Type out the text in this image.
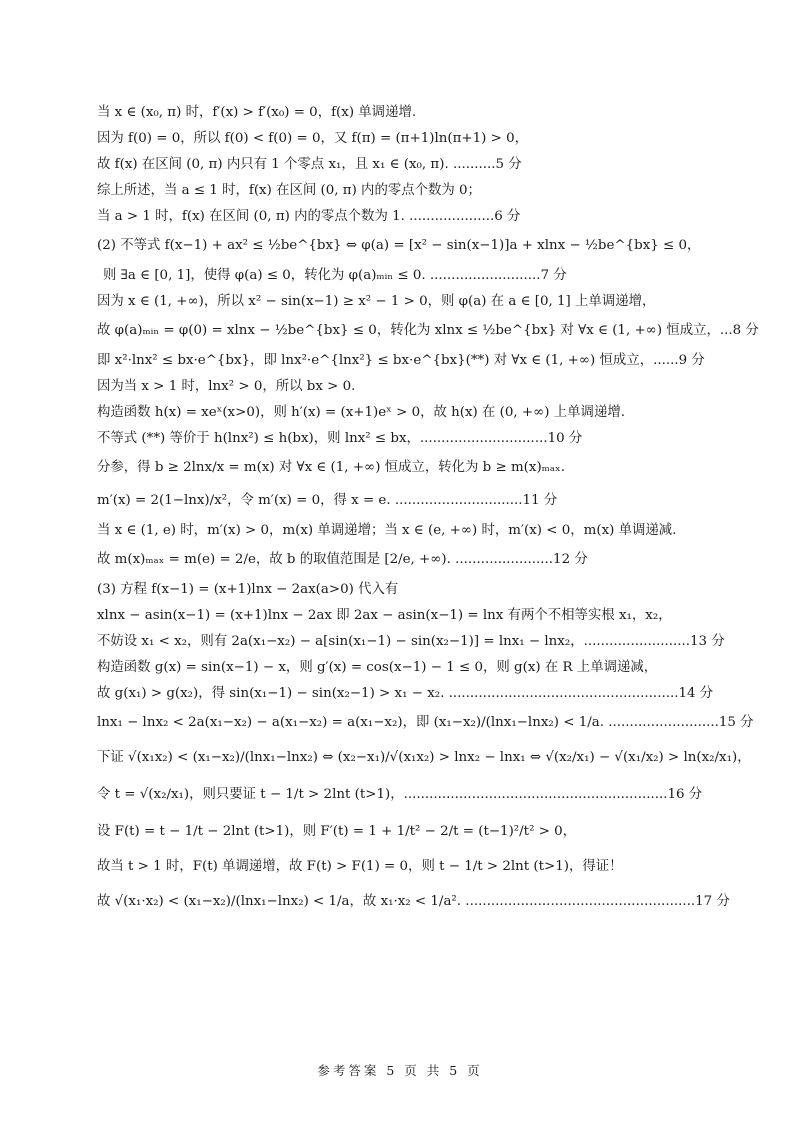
当 x ∈ (x₀, π) 时，f′(x) > f′(x₀) = 0，f(x) 单调递增.
因为 f(0) = 0，所以 f(0) < f(0) = 0，又 f(π) = (π+1)ln(π+1) > 0，
故 f(x) 在区间 (0, π) 内只有 1 个零点 x₁，且 x₁ ∈ (x₀, π). ..........5 分
综上所述，当 a ≤ 1 时，f(x) 在区间 (0, π) 内的零点个数为 0；
当 a > 1 时，f(x) 在区间 (0, π) 内的零点个数为 1. ....................6 分
(2) 不等式 f(x−1) + ax² ≤ ½be^{bx} ⇔ φ(a) = [x² − sin(x−1)]a + xlnx − ½be^{bx} ≤ 0，
则 ∃a ∈ [0, 1]，使得 φ(a) ≤ 0，转化为 φ(a)ₘᵢₙ ≤ 0. ..........................7 分
因为 x ∈ (1, +∞)，所以 x² − sin(x−1) ≥ x² − 1 > 0，则 φ(a) 在 a ∈ [0, 1] 上单调递增，
故 φ(a)ₘᵢₙ = φ(0) = xlnx − ½be^{bx} ≤ 0，转化为 xlnx ≤ ½be^{bx} 对 ∀x ∈ (1, +∞) 恒成立，...8 分
即 x²·lnx² ≤ bx·e^{bx}，即 lnx²·e^{lnx²} ≤ bx·e^{bx}(**) 对 ∀x ∈ (1, +∞) 恒成立，......9 分
因为当 x > 1 时，lnx² > 0，所以 bx > 0.
构造函数 h(x) = xeˣ(x>0)，则 h′(x) = (x+1)eˣ > 0，故 h(x) 在 (0, +∞) 上单调递增.
不等式 (**) 等价于 h(lnx²) ≤ h(bx)，则 lnx² ≤ bx，..............................10 分
分参，得 b ≥ 2lnx/x = m(x) 对 ∀x ∈ (1, +∞) 恒成立，转化为 b ≥ m(x)ₘₐₓ.
m′(x) = 2(1−lnx)/x²，令 m′(x) = 0，得 x = e. ..............................11 分
当 x ∈ (1, e) 时，m′(x) > 0，m(x) 单调递增；当 x ∈ (e, +∞) 时，m′(x) < 0，m(x) 单调递减.
故 m(x)ₘₐₓ = m(e) = 2/e，故 b 的取值范围是 [2/e, +∞). .......................12 分
(3) 方程 f(x−1) = (x+1)lnx − 2ax(a>0) 代入有
xlnx − asin(x−1) = (x+1)lnx − 2ax 即 2ax − asin(x−1) = lnx 有两个不相等实根 x₁，x₂，
不妨设 x₁ < x₂，则有 2a(x₁−x₂) − a[sin(x₁−1) − sin(x₂−1)] = lnx₁ − lnx₂，.........................13 分
构造函数 g(x) = sin(x−1) − x，则 g′(x) = cos(x−1) − 1 ≤ 0，则 g(x) 在 R 上单调递减，
故 g(x₁) > g(x₂)，得 sin(x₁−1) − sin(x₂−1) > x₁ − x₂. ......................................................14 分
lnx₁ − lnx₂ < 2a(x₁−x₂) − a(x₁−x₂) = a(x₁−x₂)，即 (x₁−x₂)/(lnx₁−lnx₂) < 1/a. ..........................15 分
下证 √(x₁x₂) < (x₁−x₂)/(lnx₁−lnx₂) ⇔ (x₂−x₁)/√(x₁x₂) > lnx₂ − lnx₁ ⇔ √(x₂/x₁) − √(x₁/x₂) > ln(x₂/x₁)，
令 t = √(x₂/x₁)，则只要证 t − 1/t > 2lnt (t>1)，..............................................................16 分
设 F(t) = t − 1/t − 2lnt (t>1)，则 F′(t) = 1 + 1/t² − 2/t = (t−1)²/t² > 0，
故当 t > 1 时，F(t) 单调递增，故 F(t) > F(1) = 0，则 t − 1/t > 2lnt (t>1)，得证！
故 √(x₁·x₂) < (x₁−x₂)/(lnx₁−lnx₂) < 1/a，故 x₁·x₂ < 1/a². ......................................................17 分
参考答案 5 页 共 5 页
